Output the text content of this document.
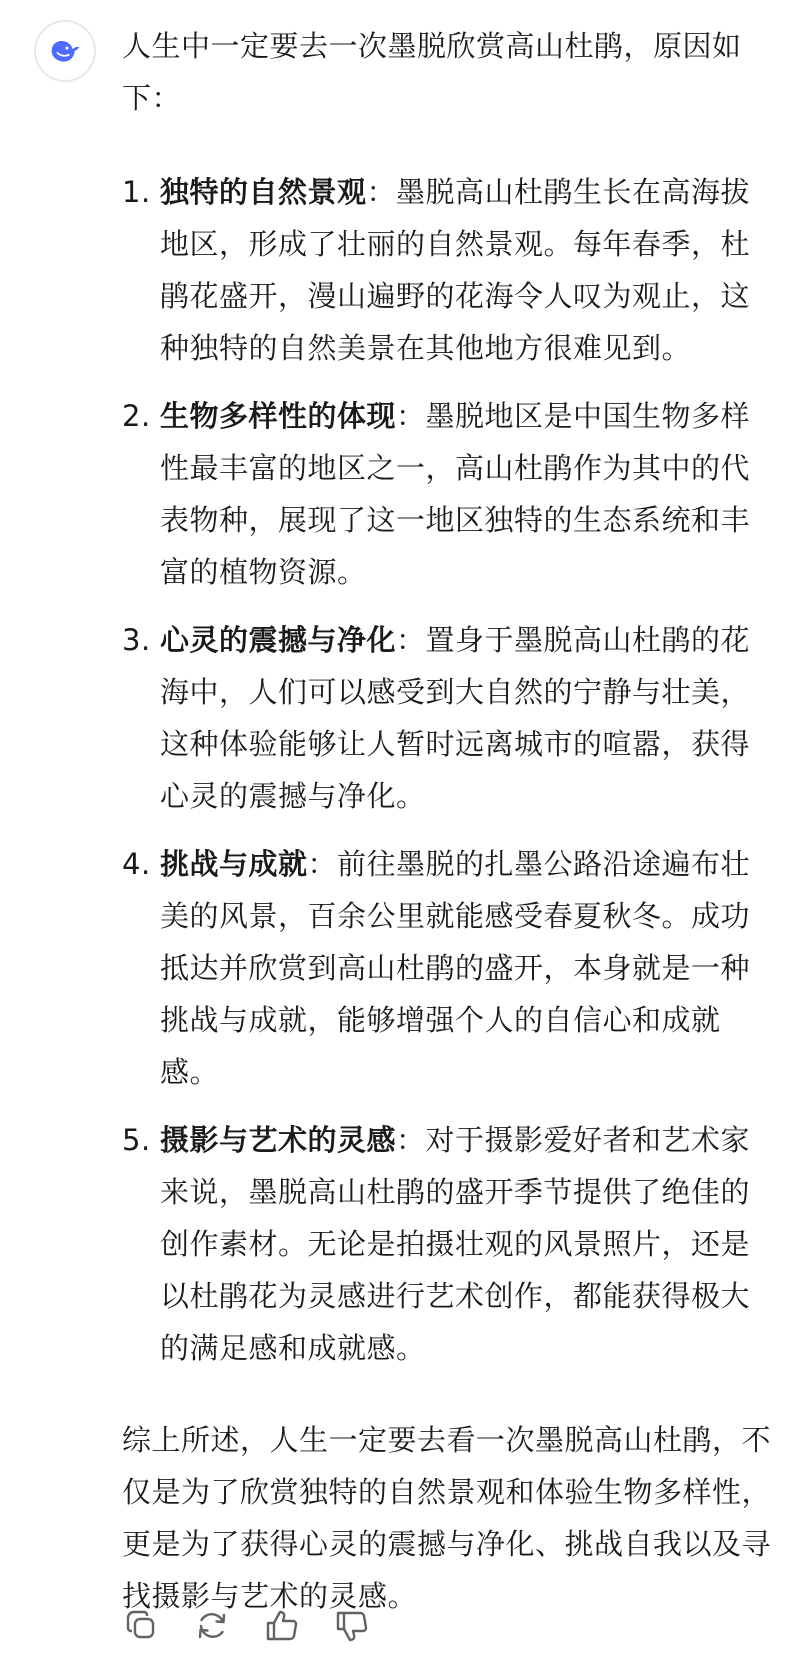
人生中一定要去一次墨脱欣赏高山杜鹃，原因如下：

1. 独特的自然景观：墨脱高山杜鹃生长在高海拔地区，形成了壮丽的自然景观。每年春季，杜鹃花盛开，漫山遍野的花海令人叹为观止，这种独特的自然美景在其他地方很难见到。
2. 生物多样性的体现：墨脱地区是中国生物多样性最丰富的地区之一，高山杜鹃作为其中的代表物种，展现了这一地区独特的生态系统和丰富的植物资源。
3. 心灵的震撼与净化：置身于墨脱高山杜鹃的花海中，人们可以感受到大自然的宁静与壮美，这种体验能够让人暂时远离城市的喧嚣，获得心灵的震撼与净化。
4. 挑战与成就：前往墨脱的扎墨公路沿途遍布壮美的风景，百余公里就能感受春夏秋冬。成功抵达并欣赏到高山杜鹃的盛开，本身就是一种挑战与成就，能够增强个人的自信心和成就感。
5. 摄影与艺术的灵感：对于摄影爱好者和艺术家来说，墨脱高山杜鹃的盛开季节提供了绝佳的创作素材。无论是拍摄壮观的风景照片，还是以杜鹃花为灵感进行艺术创作，都能获得极大的满足感和成就感。

综上所述，人生一定要去看一次墨脱高山杜鹃，不仅是为了欣赏独特的自然景观和体验生物多样性，更是为了获得心灵的震撼与净化、挑战自我以及寻找摄影与艺术的灵感。
